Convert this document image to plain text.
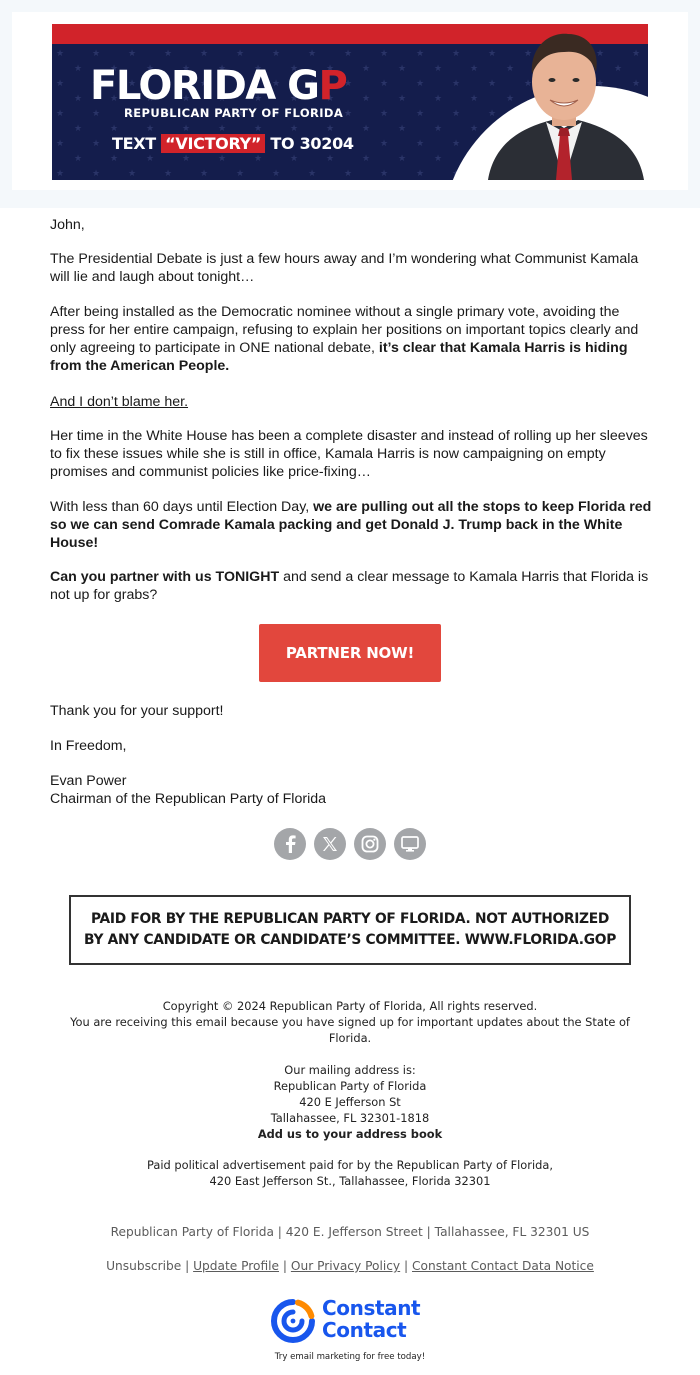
FLORIDA GP
REPUBLICAN PARTY OF FLORIDA
TEXT “VICTORY” TO 30204

John,

The Presidential Debate is just a few hours away and I’m wondering what Communist Kamala will lie and laugh about tonight…

After being installed as the Democratic nominee without a single primary vote, avoiding the press for her entire campaign, refusing to explain her positions on important topics clearly and only agreeing to participate in ONE national debate, it’s clear that Kamala Harris is hiding from the American People.

And I don’t blame her.

Her time in the White House has been a complete disaster and instead of rolling up her sleeves to fix these issues while she is still in office, Kamala Harris is now campaigning on empty promises and communist policies like price-fixing…

With less than 60 days until Election Day, we are pulling out all the stops to keep Florida red so we can send Comrade Kamala packing and get Donald J. Trump back in the White House!

Can you partner with us TONIGHT and send a clear message to Kamala Harris that Florida is not up for grabs?

Thank you for your support!

In Freedom,

Evan Power

Chairman of the Republican Party of Florida

PARTNER NOW!
PAID FOR BY THE REPUBLICAN PARTY OF FLORIDA. NOT AUTHORIZED
BY ANY CANDIDATE OR CANDIDATE’S COMMITTEE. WWW.FLORIDA.GOP
Copyright © 2024 Republican Party of Florida, All rights reserved.
You are receiving this email because you have signed up for important updates about the State of Florida.
Our mailing address is:
Republican Party of Florida
420 E Jefferson St
Tallahassee, FL 32301-1818
Add us to your address book
Paid political advertisement paid for by the Republican Party of Florida,
420 East Jefferson St., Tallahassee, Florida 32301
Republican Party of Florida | 420 E. Jefferson Street | Tallahassee, FL 32301 US
Unsubscribe | Update Profile | Our Privacy Policy | Constant Contact Data Notice
Constant
Contact
Try email marketing for free today!
